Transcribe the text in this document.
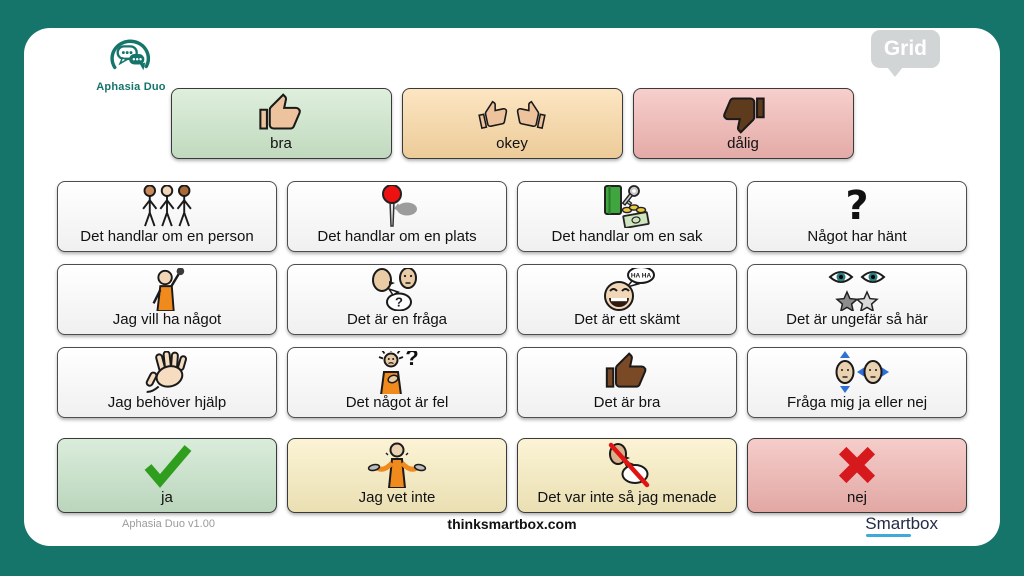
Aphasia Duo
Grid
bra	okey	dålig
Det handlar om en person	Det handlar om en plats	Det handlar om en sak
?
Något har hänt
Jag vill ha något
?
Det är en fråga
HA HA
Det är ett skämt	Det är ungefär så här
Jag behöver hjälp
?
Det något är fel	Det är bra	Fråga mig ja eller nej
ja	Jag vet inte	Det var inte så jag menade	nej
Aphasia Duo v1.00	thinksmartbox.com	Smartbox
